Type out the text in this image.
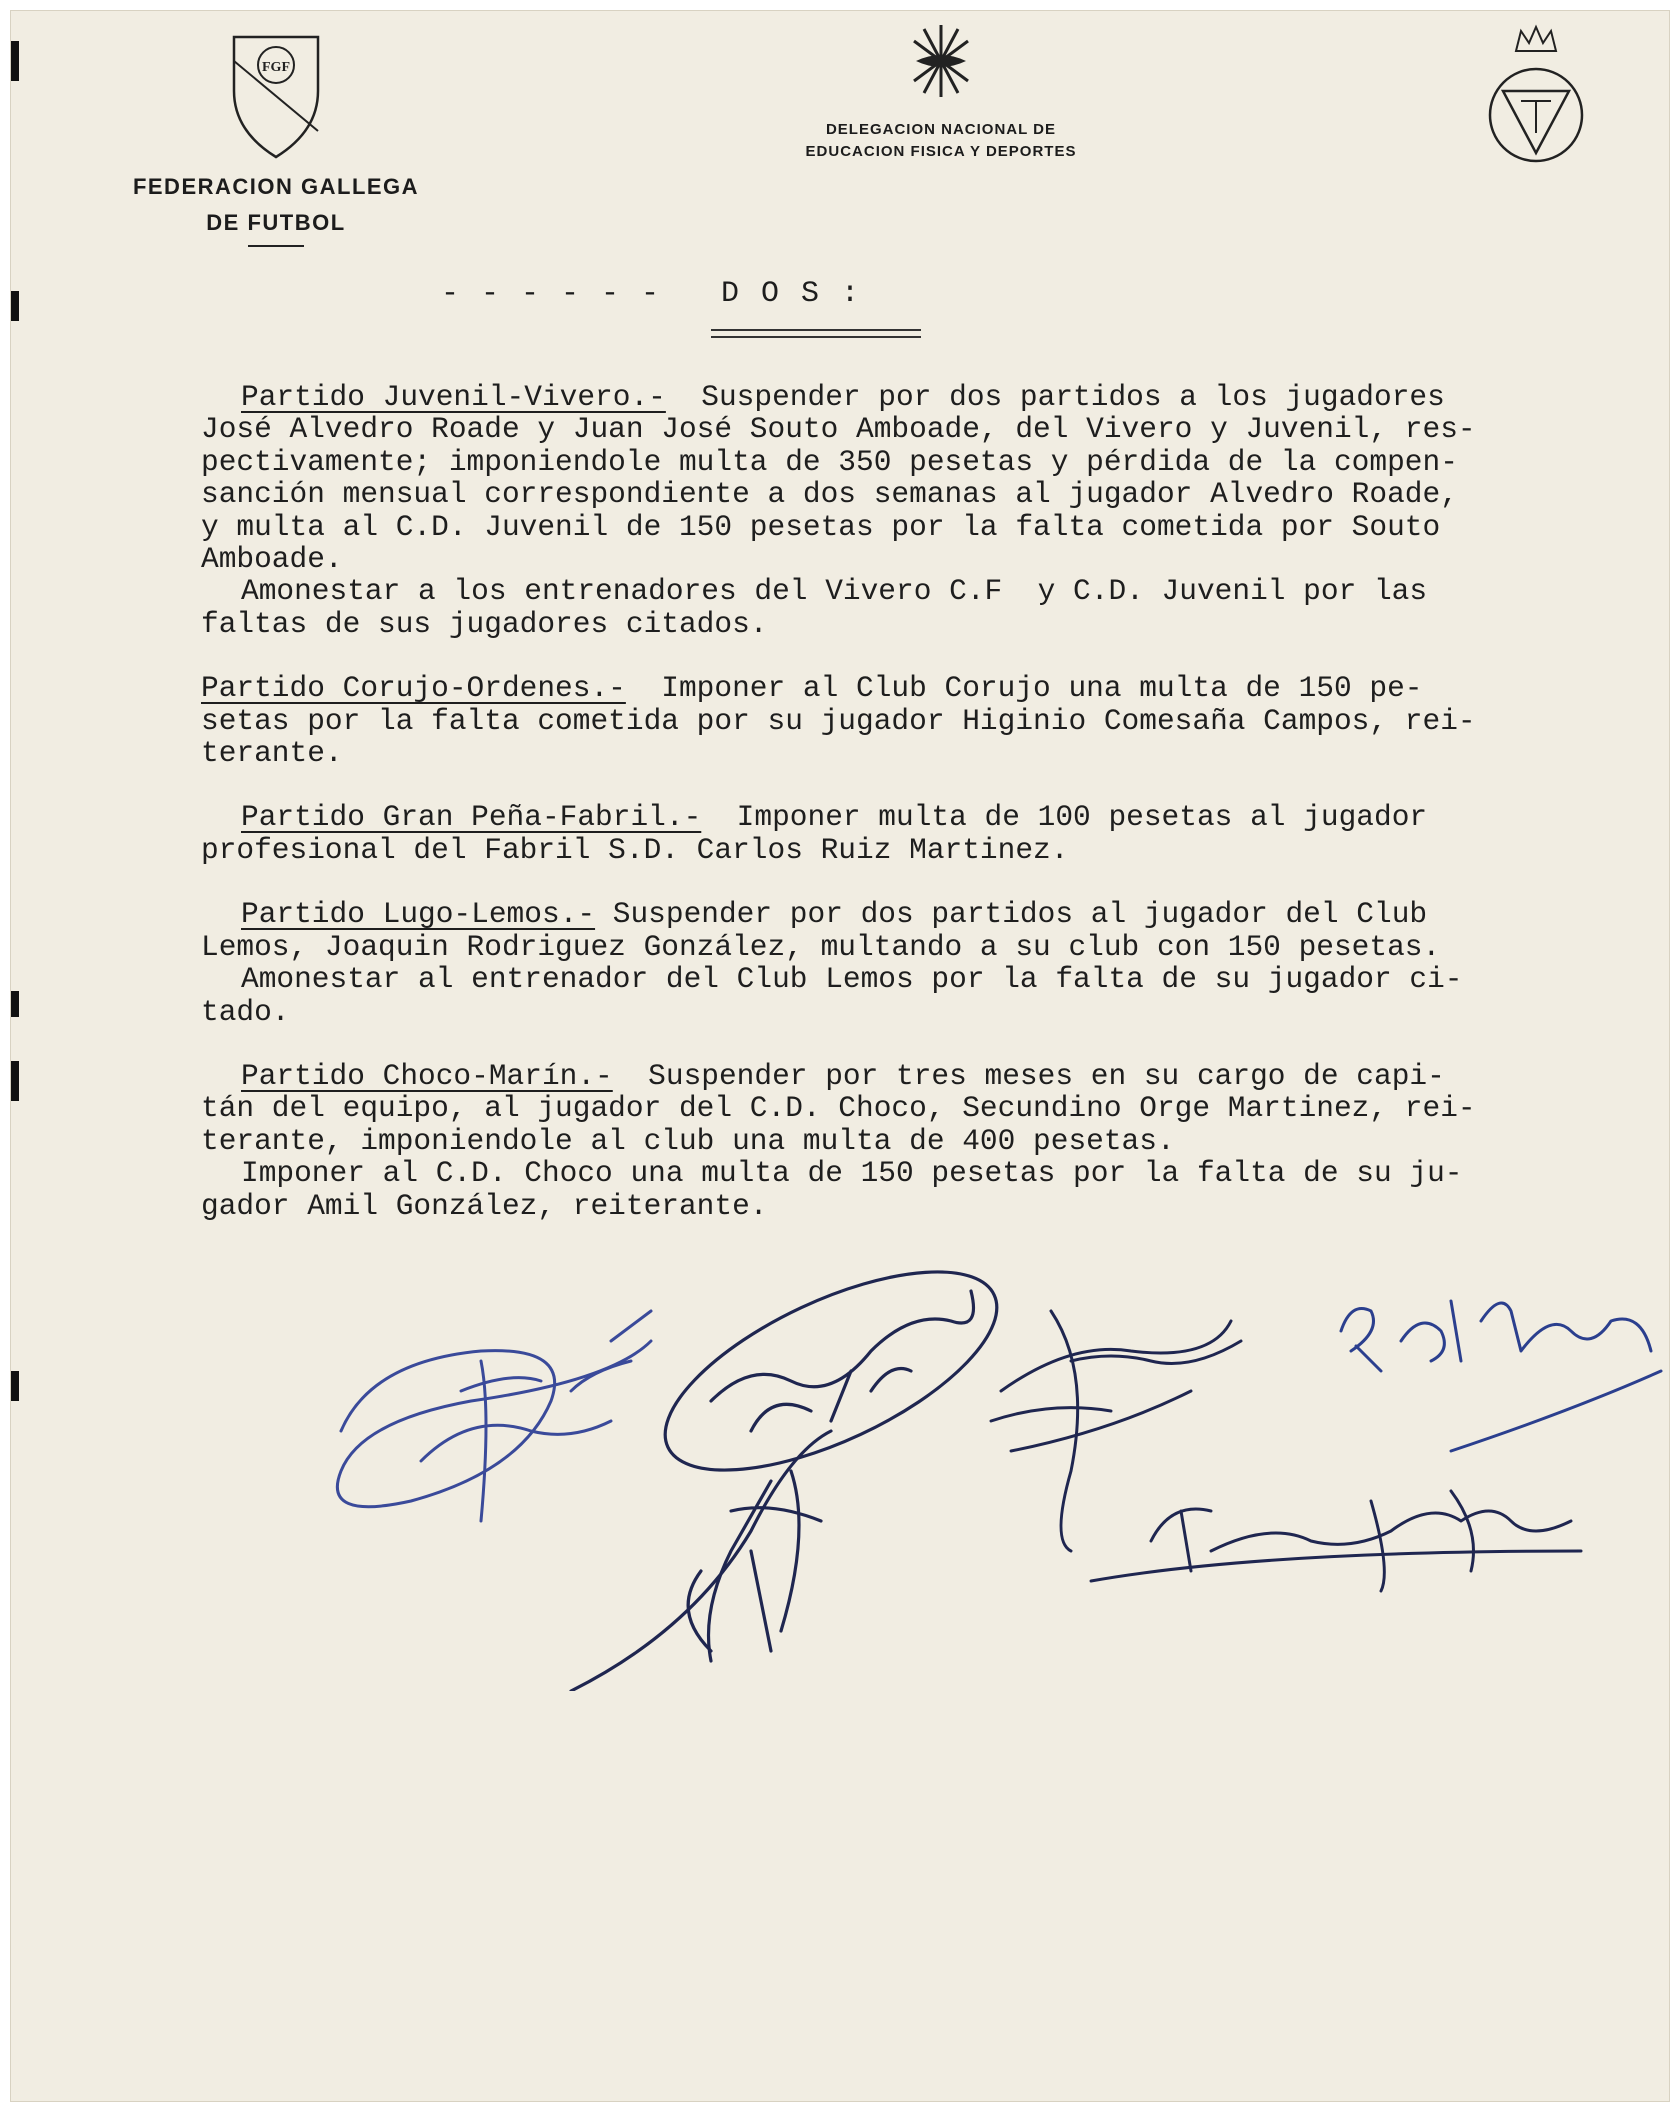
FGF
FEDERACION GALLEGA
DE FUTBOL
DELEGACION NACIONAL DE
EDUCACION FISICA Y DEPORTES
- - - - - -   D O S :
Partido Juvenil-Vivero.-  Suspender por dos partidos a los jugadores
José Alvedro Roade y Juan José Souto Amboade, del Vivero y Juvenil, res-
pectivamente; imponiendole multa de 350 pesetas y pérdida de la compen-
sanción mensual correspondiente a dos semanas al jugador Alvedro Roade,
y multa al C.D. Juvenil de 150 pesetas por la falta cometida por Souto
Amboade.
Amonestar a los entrenadores del Vivero C.F  y C.D. Juvenil por las
faltas de sus jugadores citados.
Partido Corujo-Ordenes.-  Imponer al Club Corujo una multa de 150 pe-
setas por la falta cometida por su jugador Higinio Comesaña Campos, rei-
terante.
Partido Gran Peña-Fabril.-  Imponer multa de 100 pesetas al jugador
profesional del Fabril S.D. Carlos Ruiz Martinez.
Partido Lugo-Lemos.- Suspender por dos partidos al jugador del Club
Lemos, Joaquin Rodriguez González, multando a su club con 150 pesetas.
Amonestar al entrenador del Club Lemos por la falta de su jugador ci-
tado.
Partido Choco-Marín.-  Suspender por tres meses en su cargo de capi-
tán del equipo, al jugador del C.D. Choco, Secundino Orge Martinez, rei-
terante, imponiendole al club una multa de 400 pesetas.
Imponer al C.D. Choco una multa de 150 pesetas por la falta de su ju-
gador Amil González, reiterante.
